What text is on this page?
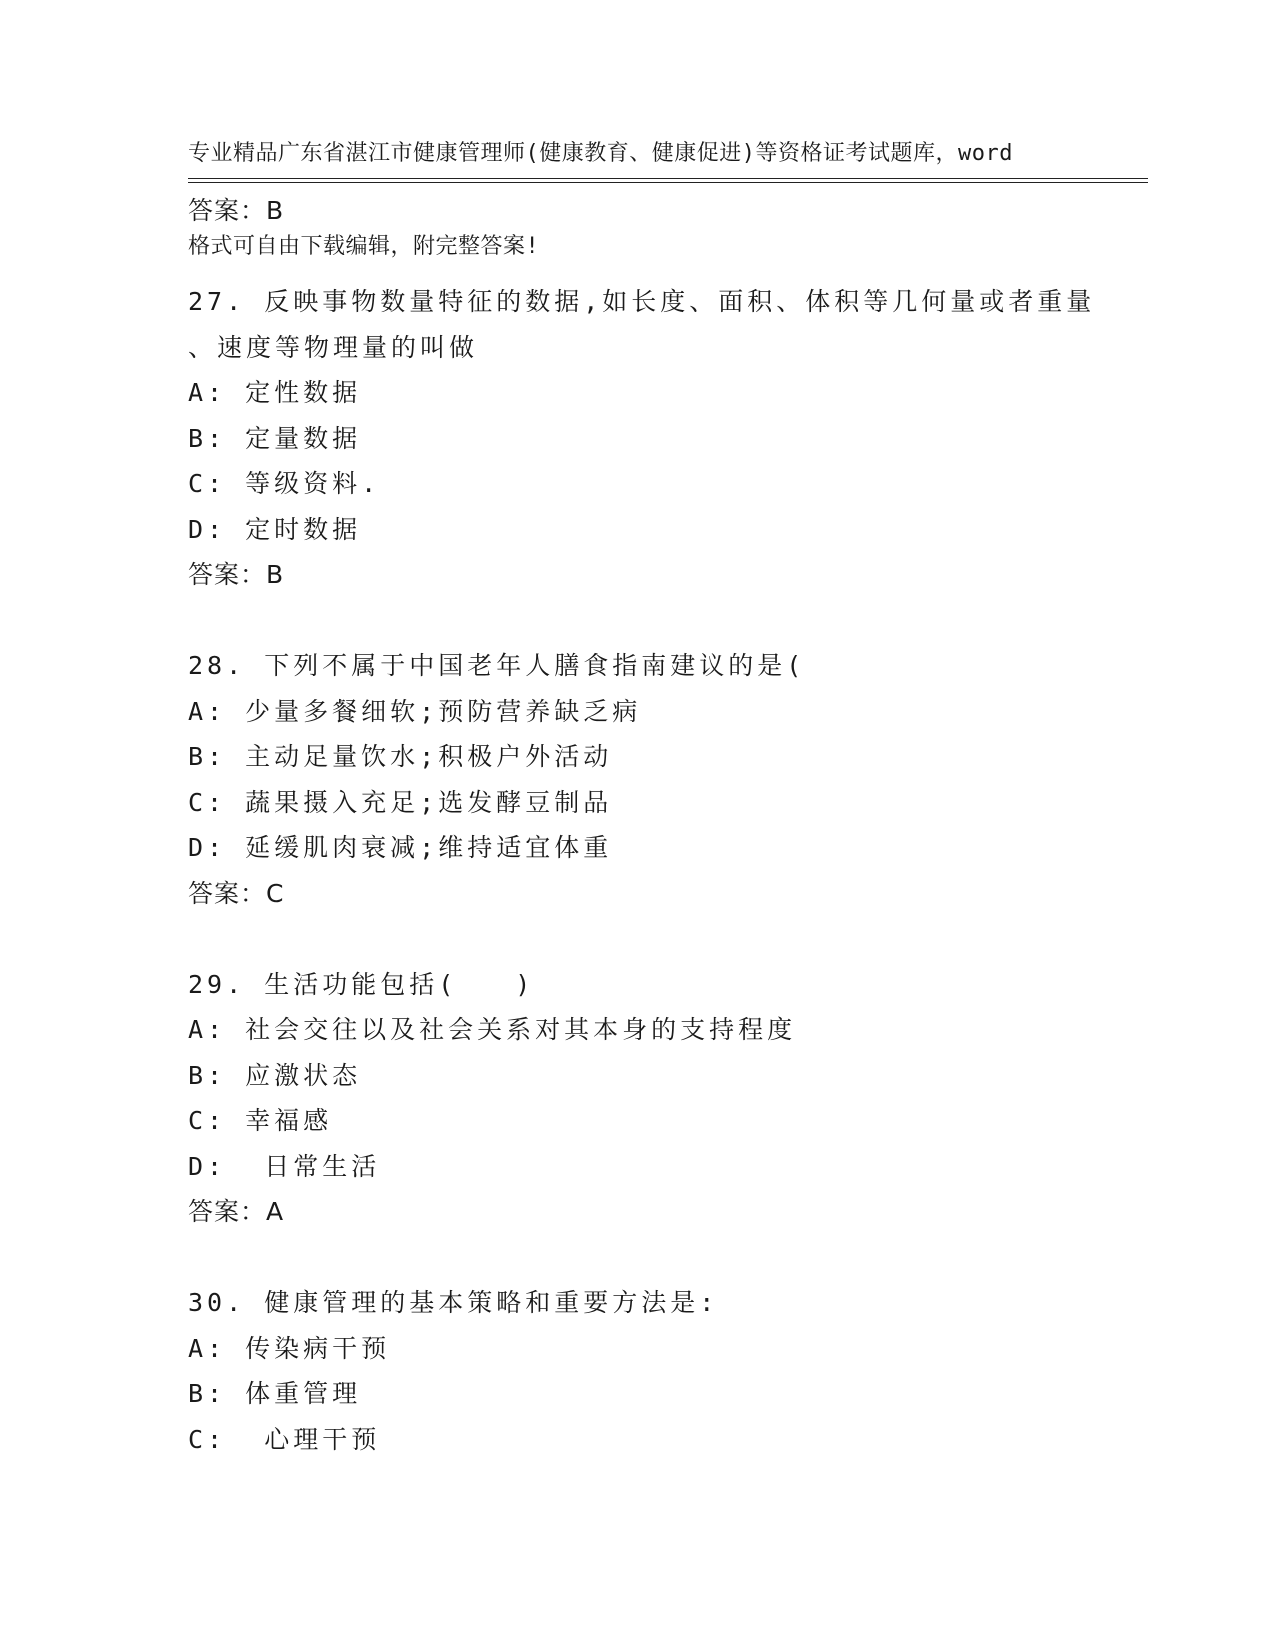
专业精品广东省湛江市健康管理师(健康教育、健康促进)等资格证考试题库，word

格式可自由下载编辑，附完整答案!

答案：B
27. 反映事物数量特征的数据,如长度、面积、体积等几何量或者重量
、速度等物理量的叫做
A: 定性数据
B: 定量数据
C: 等级资料.
D: 定时数据
答案：B
28. 下列不属于中国老年人膳食指南建议的是(
A: 少量多餐细软;预防营养缺乏病
B: 主动足量饮水;积极户外活动
C: 蔬果摄入充足;选发酵豆制品
D: 延缓肌肉衰减;维持适宜体重
答案：C
29. 生活功能包括(　　)
A: 社会交往以及社会关系对其本身的支持程度
B: 应激状态
C: 幸福感
D:  日常生活
答案：A
30. 健康管理的基本策略和重要方法是:
A: 传染病干预
B: 体重管理
C:  心理干预
